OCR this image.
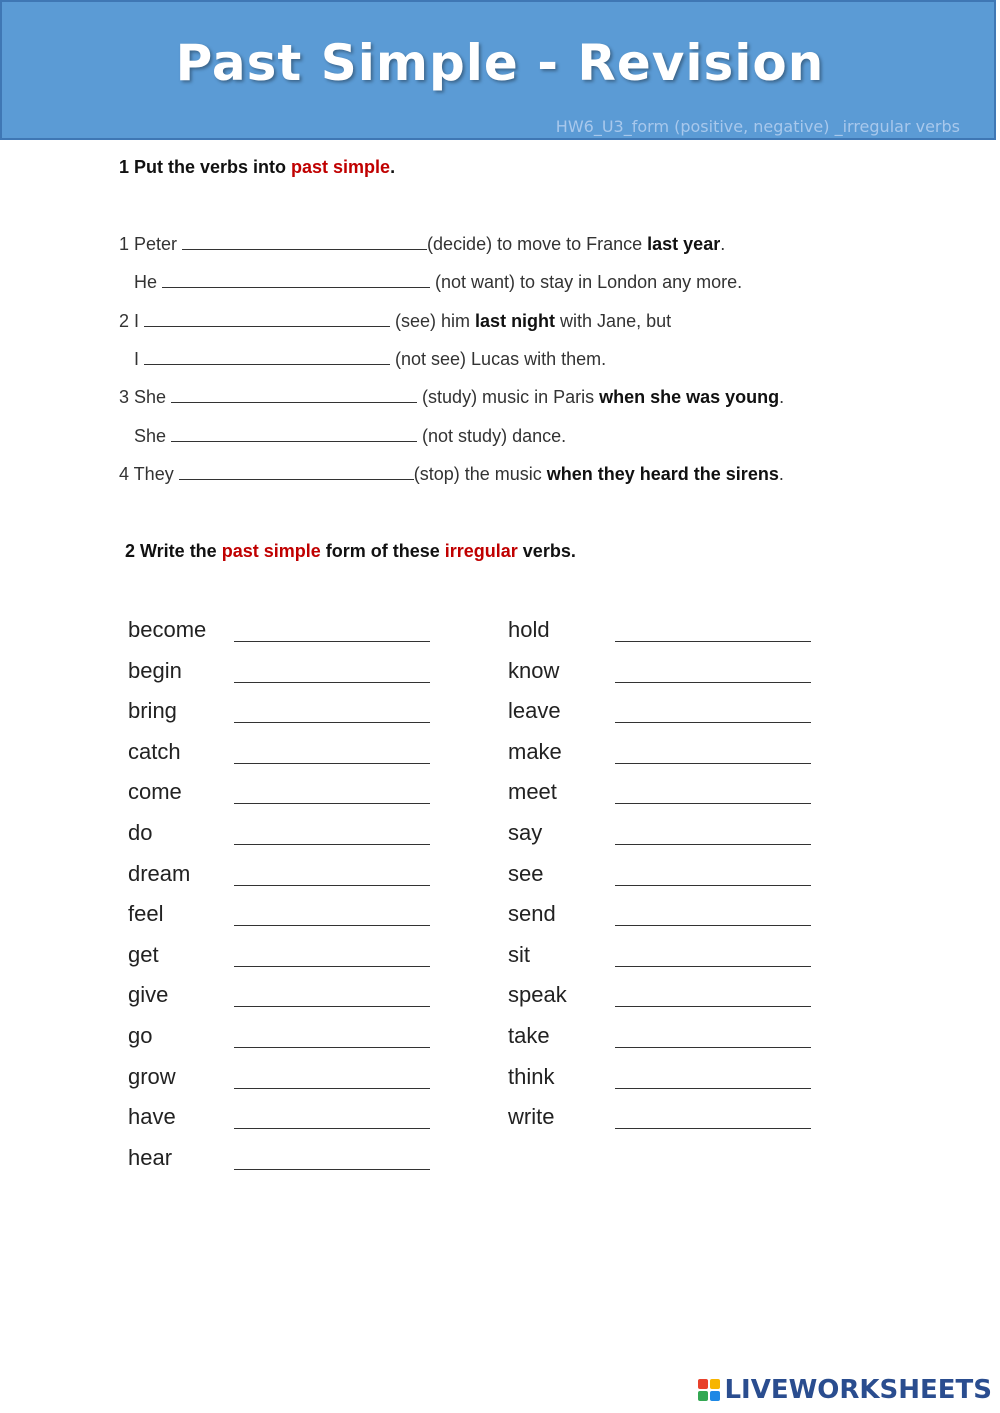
Past Simple - Revision
HW6_U3_form (positive, negative) _irregular verbs
1 Put the verbs into past simple.
1 Peter	(decide) to move to France last year.
He	(not want) to stay in London any more.
2 I	(see) him last night with Jane, but
I	(not see) Lucas with them.
3 She	(study) music in Paris when she was young.
She	(not study) dance.
4 They	(stop) the music when they heard the sirens.
2 Write the past simple form of these irregular verbs.
become
begin
bring
catch
come
do
dream
feel
get
give
go
grow
have
hear
hold
know
leave
make
meet
say
see
send
sit
speak
take
think
write
LIVEWORKSHEETS
